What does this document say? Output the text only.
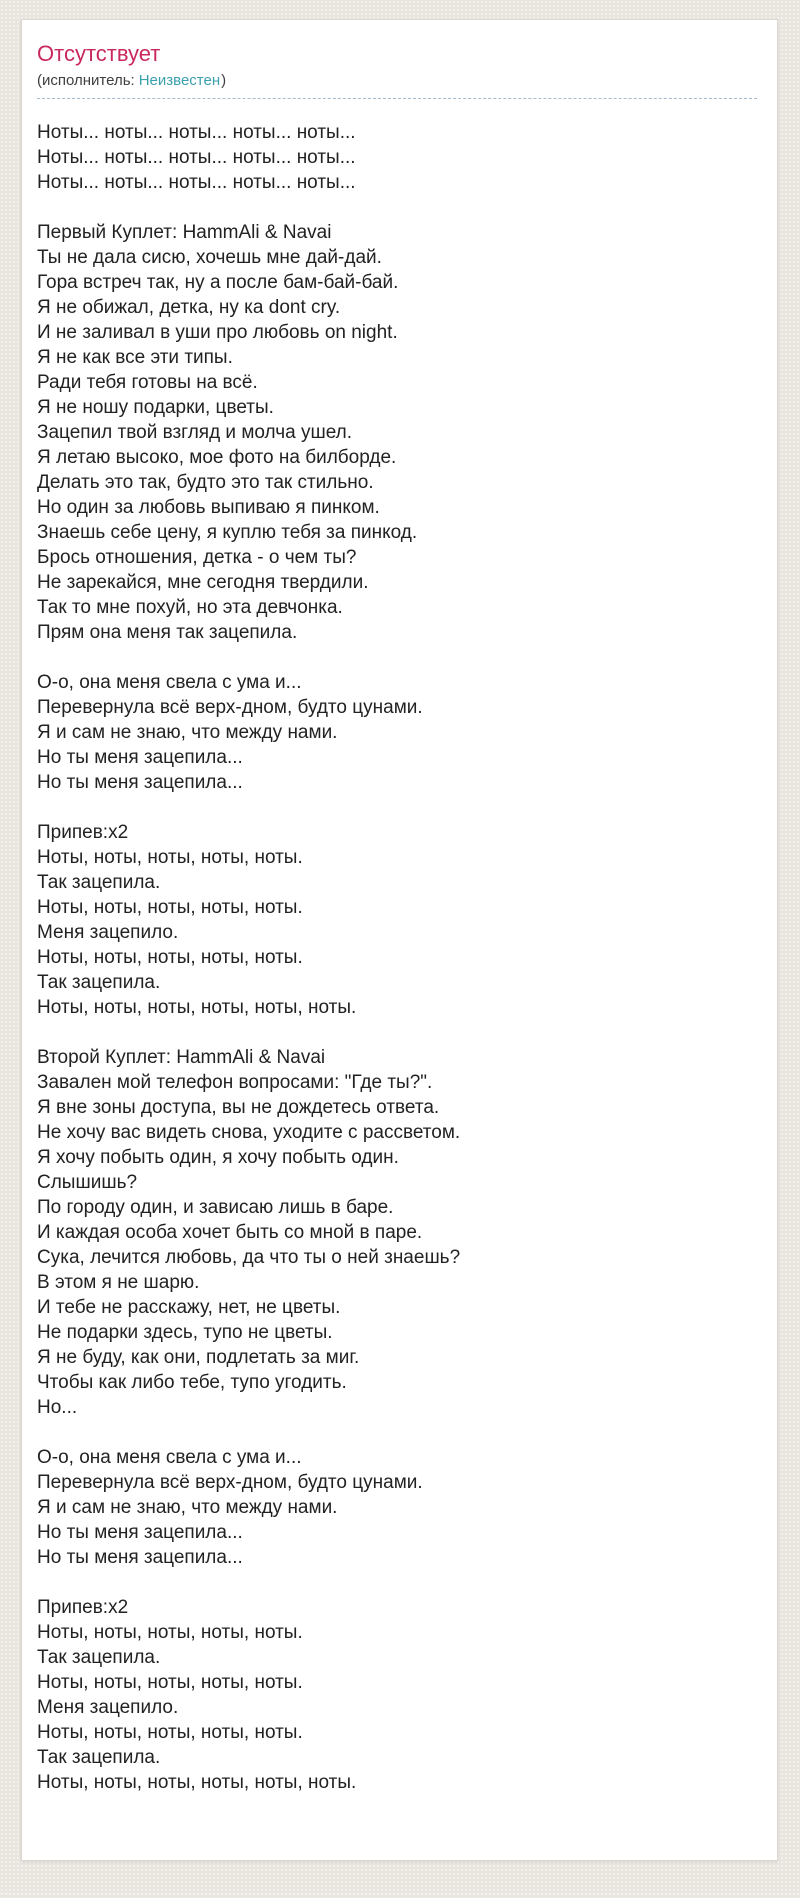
Отсутствует
(исполнитель: Неизвестен)

Ноты... ноты... ноты... ноты... ноты...
Ноты... ноты... ноты... ноты... ноты...
Ноты... ноты... ноты... ноты... ноты...

Первый Куплет: HammAli & Navai
Ты не дала сисю, хочешь мне дай-дай.
Гора встреч так, ну а после бам-бай-бай.
Я не обижал, детка, ну ка dont cry.
И не заливал в уши про любовь on night.
Я не как все эти типы.
Ради тебя готовы на всё.
Я не ношу подарки, цветы.
Зацепил твой взгляд и молча ушел.
Я летаю высоко, мое фото на билборде.
Делать это так, будто это так стильно.
Но один за любовь выпиваю я пинком.
Знаешь себе цену, я куплю тебя за пинкод.
Брось отношения, детка - о чем ты?
Не зарекайся, мне сегодня твердили.
Так то мне похуй, но эта девчонка.
Прям она меня так зацепила.

О-о, она меня свела с ума и...
Перевернула всё верх-дном, будто цунами.
Я и сам не знаю, что между нами.
Но ты меня зацепила...
Но ты меня зацепила...

Припев:x2
Ноты, ноты, ноты, ноты, ноты.
Так зацепила.
Ноты, ноты, ноты, ноты, ноты.
Меня зацепило.
Ноты, ноты, ноты, ноты, ноты.
Так зацепила.
Ноты, ноты, ноты, ноты, ноты, ноты.

Второй Куплет: HammAli & Navai
Завален мой телефон вопросами: "Где ты?".
Я вне зоны доступа, вы не дождетесь ответа.
Не хочу вас видеть снова, уходите с рассветом.
Я хочу побыть один, я хочу побыть один.
Слышишь?
По городу один, и зависаю лишь в баре.
И каждая особа хочет быть со мной в паре.
Сука, лечится любовь, да что ты о ней знаешь?
В этом я не шарю.
И тебе не расскажу, нет, не цветы.
Не подарки здесь, тупо не цветы.
Я не буду, как они, подлетать за миг.
Чтобы как либо тебе, тупо угодить.
Но...

О-о, она меня свела с ума и...
Перевернула всё верх-дном, будто цунами.
Я и сам не знаю, что между нами.
Но ты меня зацепила...
Но ты меня зацепила...

Припев:x2
Ноты, ноты, ноты, ноты, ноты.
Так зацепила.
Ноты, ноты, ноты, ноты, ноты.
Меня зацепило.
Ноты, ноты, ноты, ноты, ноты.
Так зацепила.
Ноты, ноты, ноты, ноты, ноты, ноты.
